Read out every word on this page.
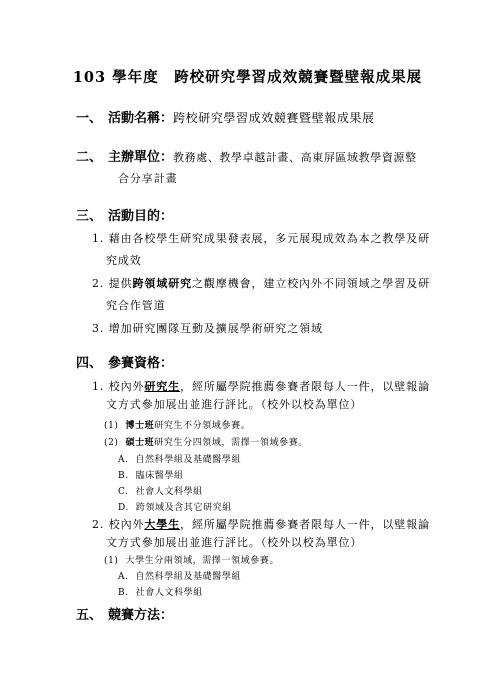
103 學年度　跨校研究學習成效競賽暨壁報成果展
一、 活動名稱：跨校研究學習成效競賽暨壁報成果展
二、 主辦單位：教務處、教學卓越計畫、高東屏區域教學資源整
合分享計畫
三、 活動目的：
1. 藉由各校學生研究成果發表展，多元展現成效為本之教學及研
究成效
2. 提供跨領域研究之觀摩機會，建立校內外不同領域之學習及研
究合作管道
3. 增加研究團隊互動及擴展學術研究之領域
四、 參賽資格：
1. 校內外研究生，經所屬學院推薦參賽者限每人一件，以壁報論
文方式參加展出並進行評比。（校外以校為單位）
(1) 博士班研究生不分領域參賽。
(2) 碩士班研究生分四領域，需擇一領域參賽。
A. 自然科學組及基礎醫學組
B. 臨床醫學組
C. 社會人文科學組
D. 跨領域及含其它研究組
2. 校內外大學生，經所屬學院推薦參賽者限每人一件，以壁報論
文方式參加展出並進行評比。（校外以校為單位）
(1) 大學生分兩領域，需擇一領域參賽。
A. 自然科學組及基礎醫學組
B. 社會人文科學組
五、 競賽方法：
